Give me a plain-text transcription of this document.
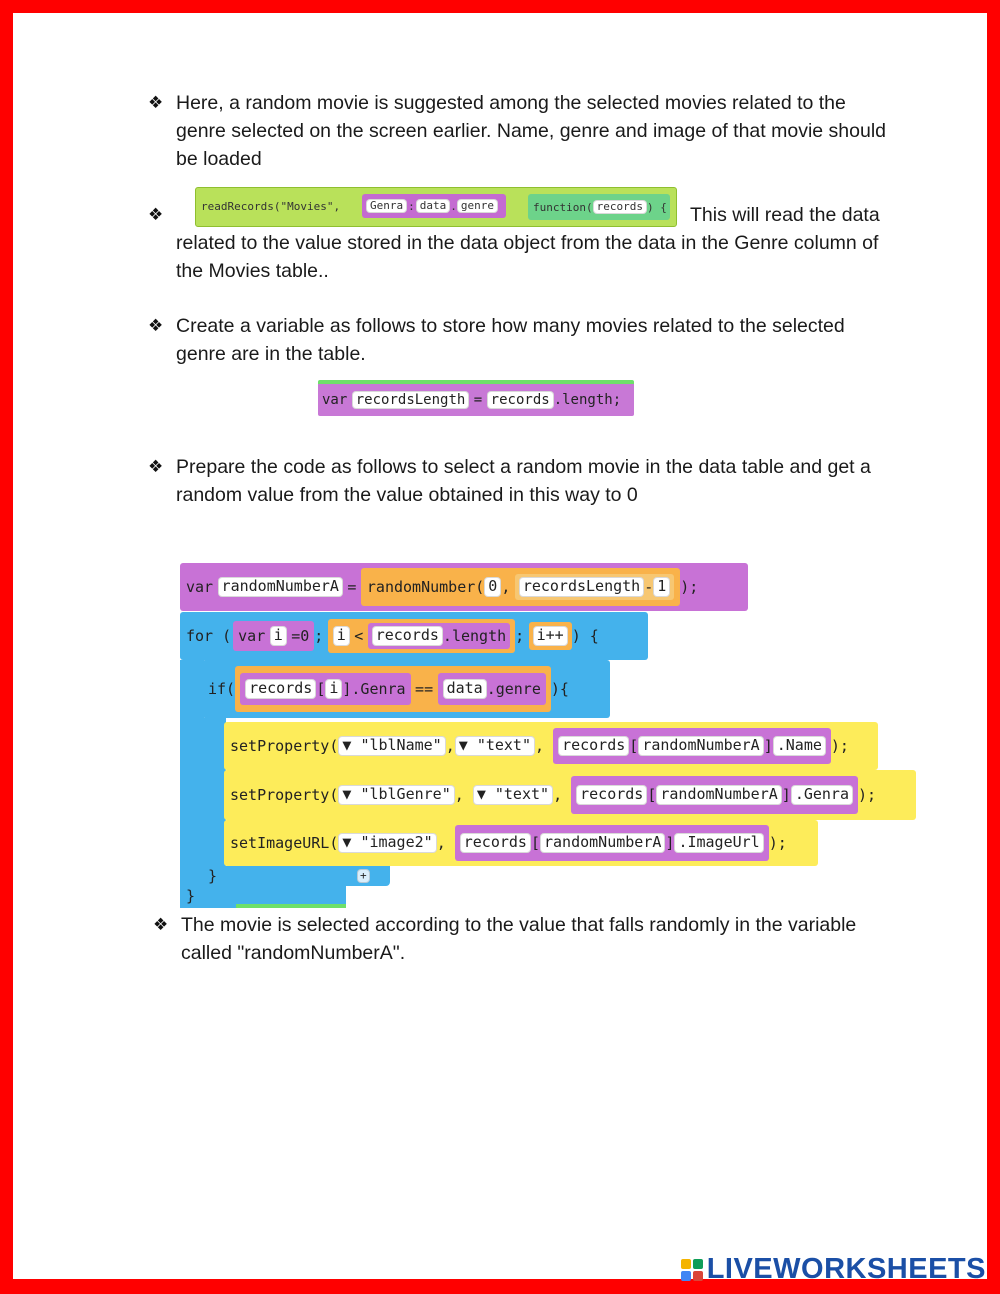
❖ Here, a random movie is suggested among the selected movies related to the genre selected on the screen earlier. Name, genre and image of that movie should be loaded
❖	readRecords("Movies",	Genra : data . genre	function( records ) {	This will read the data related to the value stored in the data object from the data in the Genre column of the Movies table..
❖ Create a variable as follows to store how many movies related to the selected genre are in the table.
var
recordsLength
=
records .length ;
❖ Prepare the code as follows to select a random movie in the data table and get a random value from the value obtained in this way to 0
}
}	+
var
randomNumberA
=
randomNumber( 0 ,
recordsLength - 1 );
for ( var
i
=0 ;
i
<
records .length ;
i++ ) {
if( records [ i ] .Genra
==
data .genre ){
setProperty( ▼ "lblName" , ▼ "text" , records [ randomNumberA ] .Name );
setProperty( ▼ "lblGenre" , ▼ "text" , records [ randomNumberA ] .Genra );
setImageURL( ▼ "image2" , records [ randomNumberA ] .ImageUrl );
❖ The movie is selected according to the value that falls randomly in the variable called "randomNumberA".
LIVEWORKSHEETS
